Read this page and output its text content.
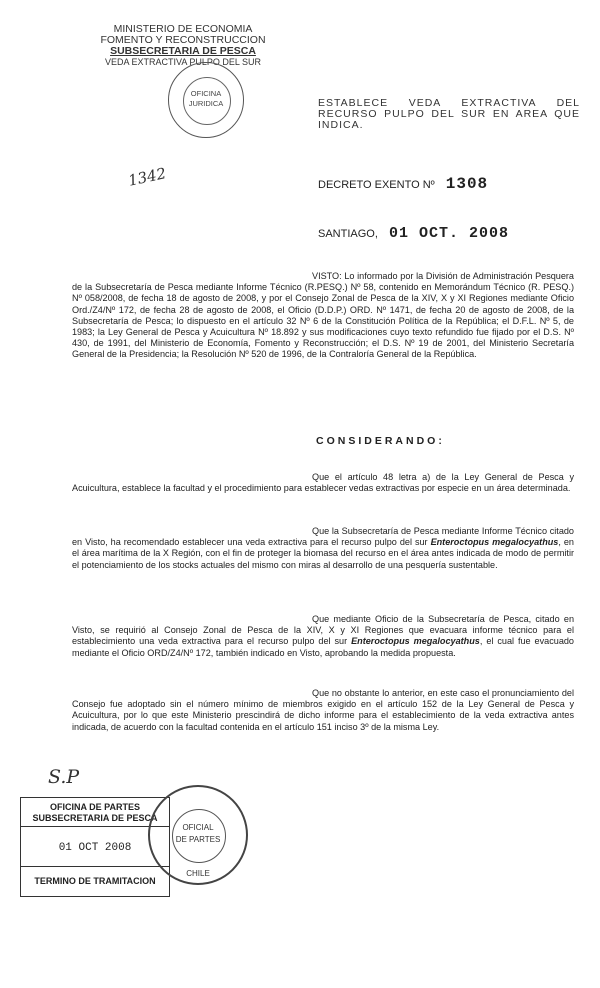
MINISTERIO DE ECONOMIA
FOMENTO Y RECONSTRUCCION
SUBSECRETARIA DE PESCA
VEDA EXTRACTIVA PULPO DEL SUR
OFICINA
JURIDICA	ESTABLECE VEDA EXTRACTIVA DEL RECURSO PULPO DEL SUR EN AREA QUE INDICA.
1342	DECRETO EXENTO Nº 1308
SANTIAGO, 01 OCT. 2008
VISTO: Lo informado por la División de Administración Pesquera de la Subsecretaría de Pesca mediante Informe Técnico (R.PESQ.) Nº 58, contenido en Memorándum Técnico (R. PESQ.) Nº 058/2008, de fecha 18 de agosto de 2008, y por el Consejo Zonal de Pesca de la XIV, X y XI Regiones mediante Oficio Ord./Z4/Nº 172, de fecha 28 de agosto de 2008, el Oficio (D.D.P.) ORD. Nº 1471, de fecha 20 de agosto de 2008, de la Subsecretaría de Pesca; lo dispuesto en el artículo 32 Nº 6 de la Constitución Política de la República; el D.F.L. Nº 5, de 1983; la Ley General de Pesca y Acuicultura Nº 18.892 y sus modificaciones cuyo texto refundido fue fijado por el D.S. Nº 430, de 1991, del Ministerio de Economía, Fomento y Reconstrucción; el D.S. Nº 19 de 2001, del Ministerio Secretaría General de la Presidencia; la Resolución Nº 520 de 1996, de la Contraloría General de la República.
CONSIDERANDO:
Que el artículo 48 letra a) de la Ley General de Pesca y Acuicultura, establece la facultad y el procedimiento para establecer vedas extractivas por especie en un área determinada.
Que la Subsecretaría de Pesca mediante Informe Técnico citado en Visto, ha recomendado establecer una veda extractiva para el recurso pulpo del sur Enteroctopus megalocyathus, en el área marítima de la X Región, con el fin de proteger la biomasa del recurso en el área antes indicada de modo de permitir el potenciamiento de los stocks actuales del mismo con miras al desarrollo de una pesquería sustentable.
Que mediante Oficio de la Subsecretaría de Pesca, citado en Visto, se requirió al Consejo Zonal de Pesca de la XIV, X y XI Regiones que evacuara informe técnico para el establecimiento una veda extractiva para el recurso pulpo del sur Enteroctopus megalocyathus, el cual fue evacuado mediante el Oficio ORD/Z4/Nº 172, también indicado en Visto, aprobando la medida propuesta.
Que no obstante lo anterior, en este caso el pronunciamiento del Consejo fue adoptado sin el número mínimo de miembros exigido en el artículo 152 de la Ley General de Pesca y Acuicultura, por lo que este Ministerio prescindirá de dicho informe para el establecimiento de la veda extractiva antes indicada, de acuerdo con la facultad contenida en el artículo 151 inciso 3º de la misma Ley.
S.P
OFICINA DE PARTES
SUBSECRETARIA DE PESCA
01 OCT 2008
TERMINO DE TRAMITACION
OFICIAL
DE PARTES
CHILE
